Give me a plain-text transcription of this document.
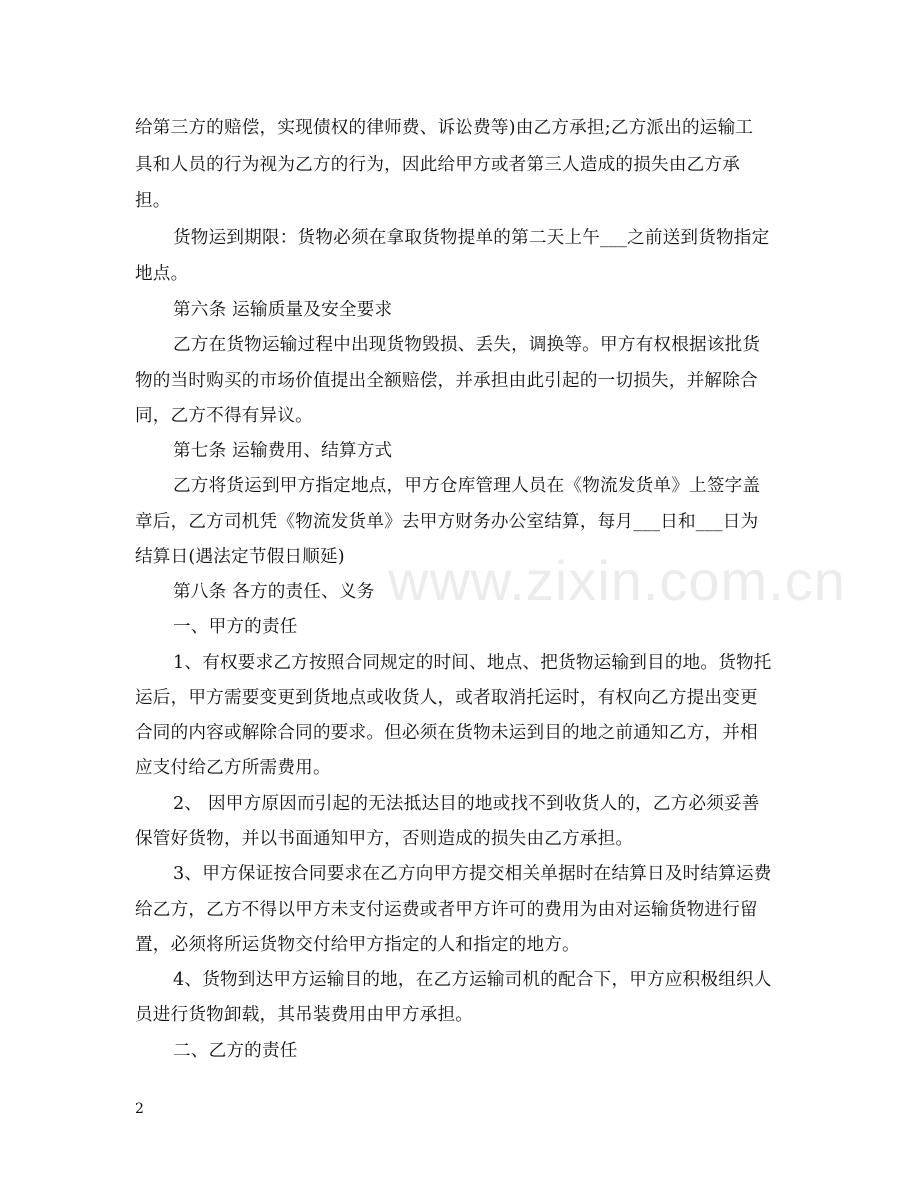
www.zixin.com.cn
给第三方的赔偿，实现债权的律师费、诉讼费等)由乙方承担;乙方派出的运输工
具和人员的行为视为乙方的行为，因此给甲方或者第三人造成的损失由乙方承
担。
货物运到期限：货物必须在拿取货物提单的第二天上午___之前送到货物指定
地点。
第六条 运输质量及安全要求
乙方在货物运输过程中出现货物毁损、丢失，调换等。甲方有权根据该批货
物的当时购买的市场价值提出全额赔偿，并承担由此引起的一切损失，并解除合
同，乙方不得有异议。
第七条 运输费用、结算方式
乙方将货运到甲方指定地点，甲方仓库管理人员在《物流发货单》上签字盖
章后，乙方司机凭《物流发货单》去甲方财务办公室结算，每月___日和___日为
结算日(遇法定节假日顺延)
第八条 各方的责任、义务
一、甲方的责任
1、有权要求乙方按照合同规定的时间、地点、把货物运输到目的地。货物托
运后，甲方需要变更到货地点或收货人，或者取消托运时，有权向乙方提出变更
合同的内容或解除合同的要求。但必须在货物未运到目的地之前通知乙方，并相
应支付给乙方所需费用。
2、 因甲方原因而引起的无法抵达目的地或找不到收货人的，乙方必须妥善
保管好货物，并以书面通知甲方，否则造成的损失由乙方承担。
3、甲方保证按合同要求在乙方向甲方提交相关单据时在结算日及时结算运费
给乙方，乙方不得以甲方未支付运费或者甲方许可的费用为由对运输货物进行留
置，必须将所运货物交付给甲方指定的人和指定的地方。
4、货物到达甲方运输目的地，在乙方运输司机的配合下，甲方应积极组织人
员进行货物卸载，其吊装费用由甲方承担。
二、乙方的责任
2
